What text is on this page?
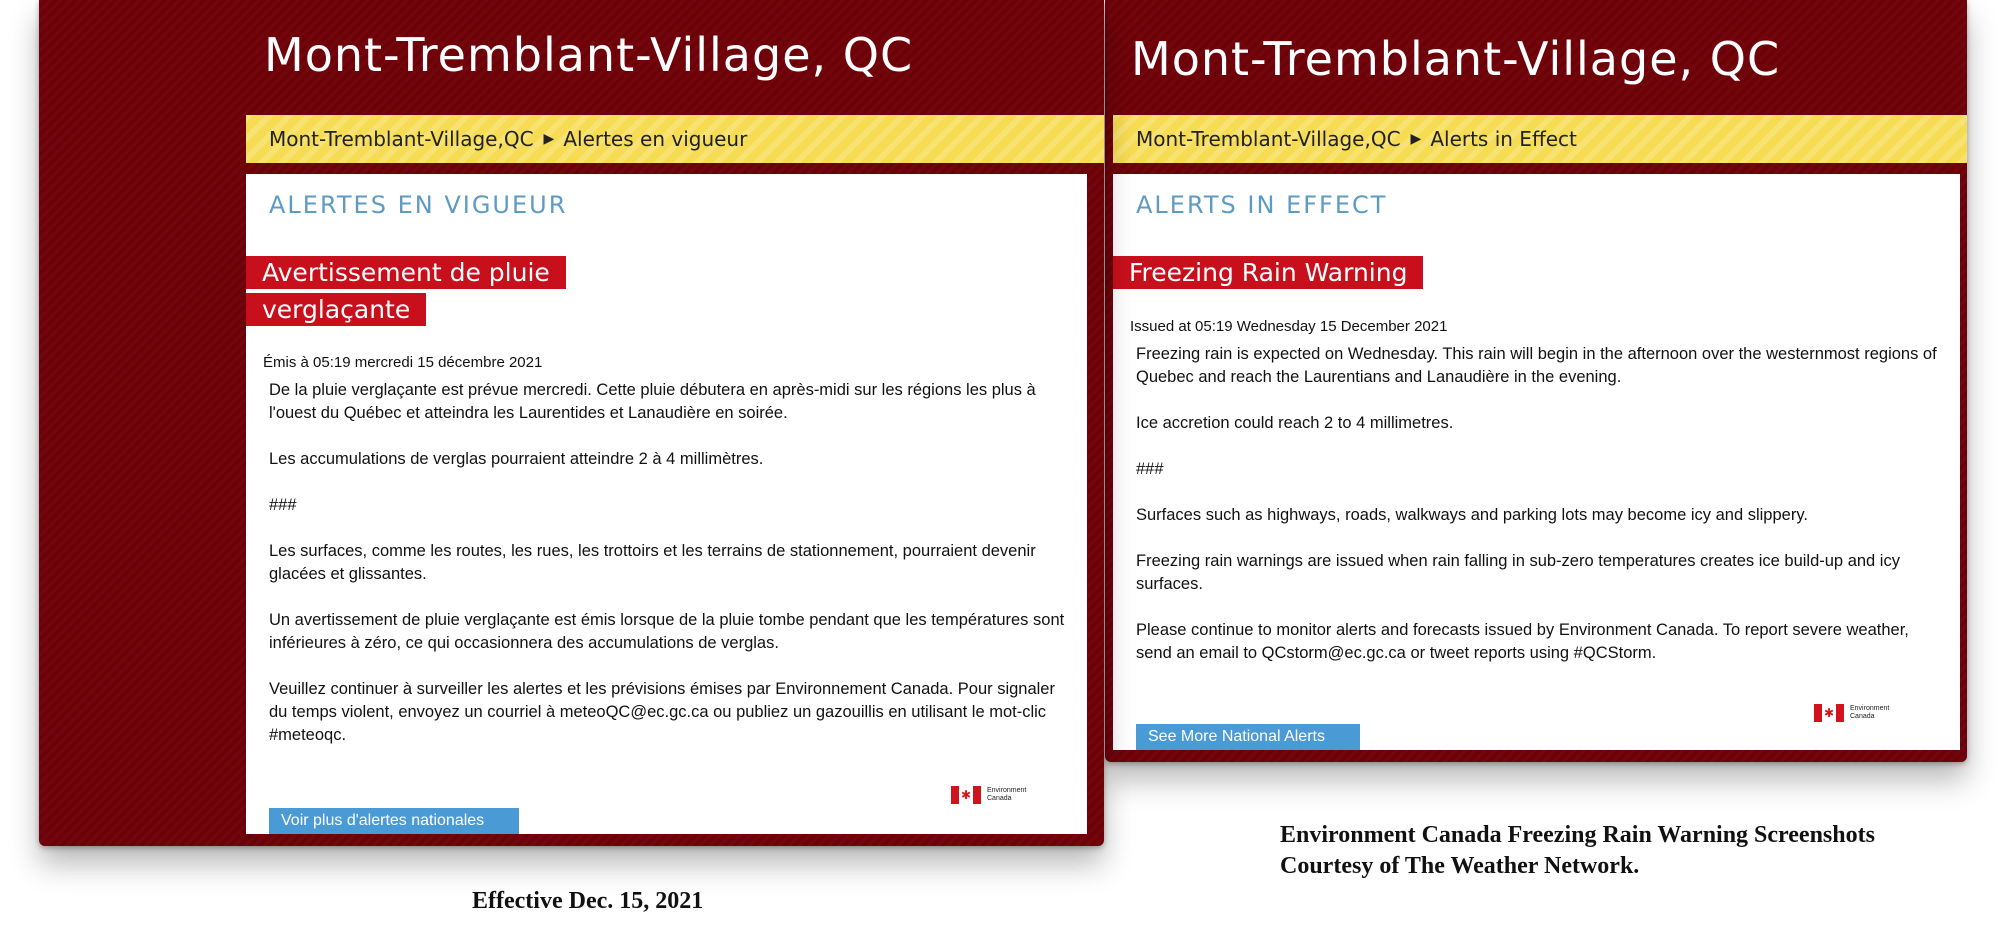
Mont-Tremblant-Village, QC
Mont-Tremblant-Village,QC ▶ Alertes en vigueur
ALERTES EN VIGUEUR
Avertissement de pluie verglaçante

Émis à 05:19 mercredi 15 décembre 2021

De la pluie verglaçante est prévue mercredi. Cette pluie débutera en après-midi sur les régions les plus à l'ouest du Québec et atteindra les Laurentides et Lanaudière en soirée.

Les accumulations de verglas pourraient atteindre 2 à 4 millimètres.

###

Les surfaces, comme les routes, les rues, les trottoirs et les terrains de stationnement, pourraient devenir glacées et glissantes.

Un avertissement de pluie verglaçante est émis lorsque de la pluie tombe pendant que les températures sont inférieures à zéro, ce qui occasionnera des accumulations de verglas.

Veuillez continuer à surveiller les alertes et les prévisions émises par Environnement Canada. Pour signaler du temps violent, envoyez un courriel à meteoQC@ec.gc.ca ou publiez un gazouillis en utilisant le mot-clic #meteoqc.

✱ Environment
Canada
Voir plus d'alertes nationales
Mont-Tremblant-Village, QC
Mont-Tremblant-Village,QC ▶ Alerts in Effect
ALERTS IN EFFECT
Freezing Rain Warning

Issued at 05:19 Wednesday 15 December 2021

Freezing rain is expected on Wednesday. This rain will begin in the afternoon over the westernmost regions of Quebec and reach the Laurentians and Lanaudière in the evening.

Ice accretion could reach 2 to 4 millimetres.

###

Surfaces such as highways, roads, walkways and parking lots may become icy and slippery.

Freezing rain warnings are issued when rain falling in sub-zero temperatures creates ice build-up and icy surfaces.

Please continue to monitor alerts and forecasts issued by Environment Canada. To report severe weather, send an email to QCstorm@ec.gc.ca or tweet reports using #QCStorm.

✱ Environment
Canada
See More National Alerts

Effective Dec. 15, 2021

Environment Canada Freezing Rain Warning Screenshots Courtesy of The Weather Network.
